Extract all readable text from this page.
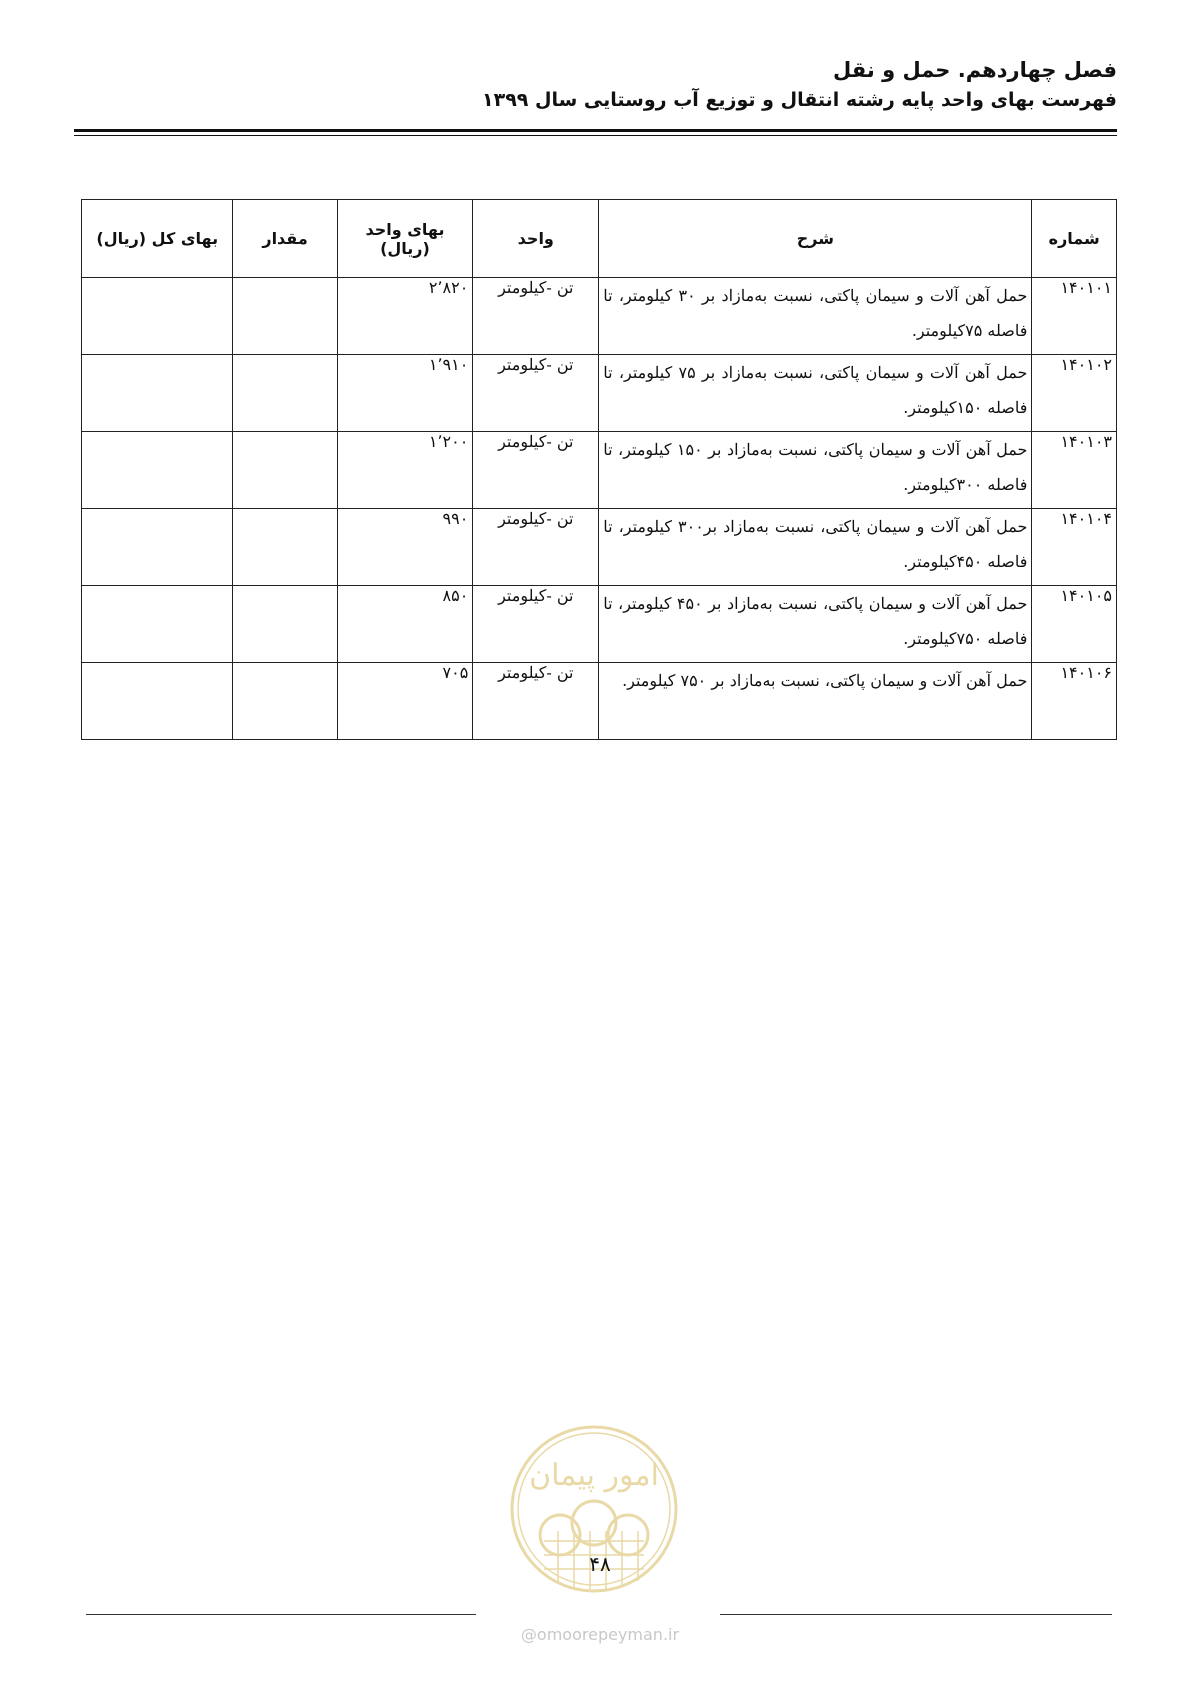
فصل چهاردهم. حمل و نقل
فهرست بهای واحد پایه رشته انتقال و توزیع آب روستایی سال ۱۳۹۹
شماره	شرح	واحد	بهای واحد (ریال)	مقدار	بهای کل (ریال)
۱۴۰۱۰۱	حمل آهن آلات و سیمان پاکتی، نسبت به‌مازاد بر ۳۰ کیلومتر، تا فاصله ۷۵کیلومتر.	تن -کیلومتر	۲٬۸۲۰		
۱۴۰۱۰۲	حمل آهن آلات و سیمان پاکتی، نسبت به‌مازاد بر ۷۵ کیلومتر، تا فاصله ۱۵۰کیلومتر.	تن -کیلومتر	۱٬۹۱۰		
۱۴۰۱۰۳	حمل آهن آلات و سیمان پاکتی، نسبت به‌مازاد بر ۱۵۰ کیلومتر، تا فاصله ۳۰۰کیلومتر.	تن -کیلومتر	۱٬۲۰۰		
۱۴۰۱۰۴	حمل آهن آلات و سیمان پاکتی، نسبت به‌مازاد بر۳۰۰ کیلومتر، تا فاصله ۴۵۰کیلومتر.	تن -کیلومتر	۹۹۰		
۱۴۰۱۰۵	حمل آهن آلات و سیمان پاکتی، نسبت به‌مازاد بر ۴۵۰ کیلومتر، تا فاصله ۷۵۰کیلومتر.	تن -کیلومتر	۸۵۰		
۱۴۰۱۰۶	حمل آهن آلات و سیمان پاکتی، نسبت به‌مازاد بر ۷۵۰ کیلومتر.	تن -کیلومتر	۷۰۵		
امور پیمان
۴۸
@omoorepeyman.ir
